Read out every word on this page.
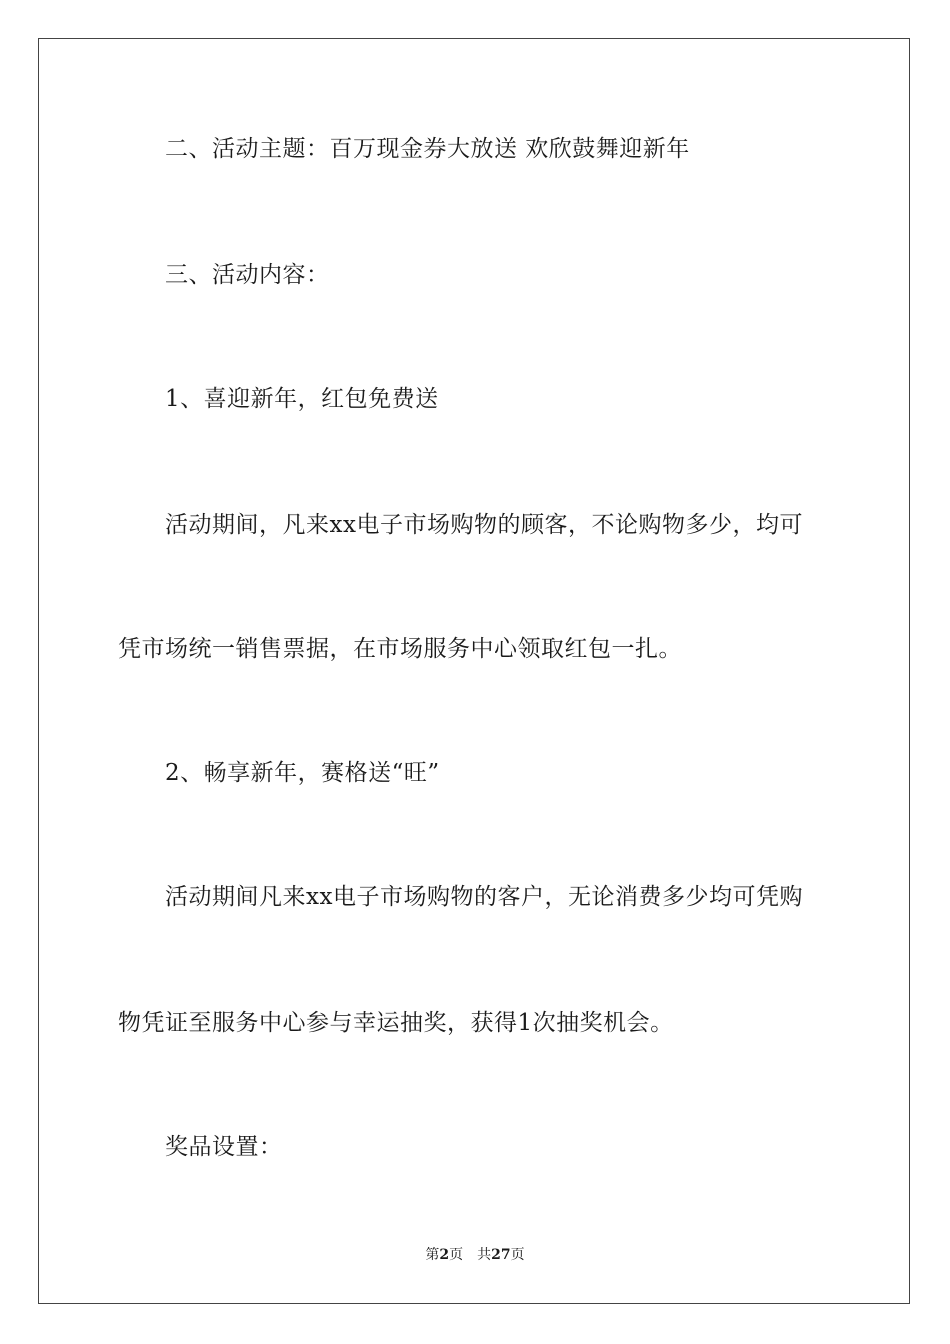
二、活动主题：百万现金券大放送 欢欣鼓舞迎新年
三、活动内容：
1、喜迎新年，红包免费送
活动期间，凡来xx电子市场购物的顾客，不论购物多少，均可
凭市场统一销售票据，在市场服务中心领取红包一扎。
2、畅享新年，赛格送“旺”
活动期间凡来xx电子市场购物的客户，无论消费多少均可凭购
物凭证至服务中心参与幸运抽奖，获得1次抽奖机会。
奖品设置：
第2页 共27页
